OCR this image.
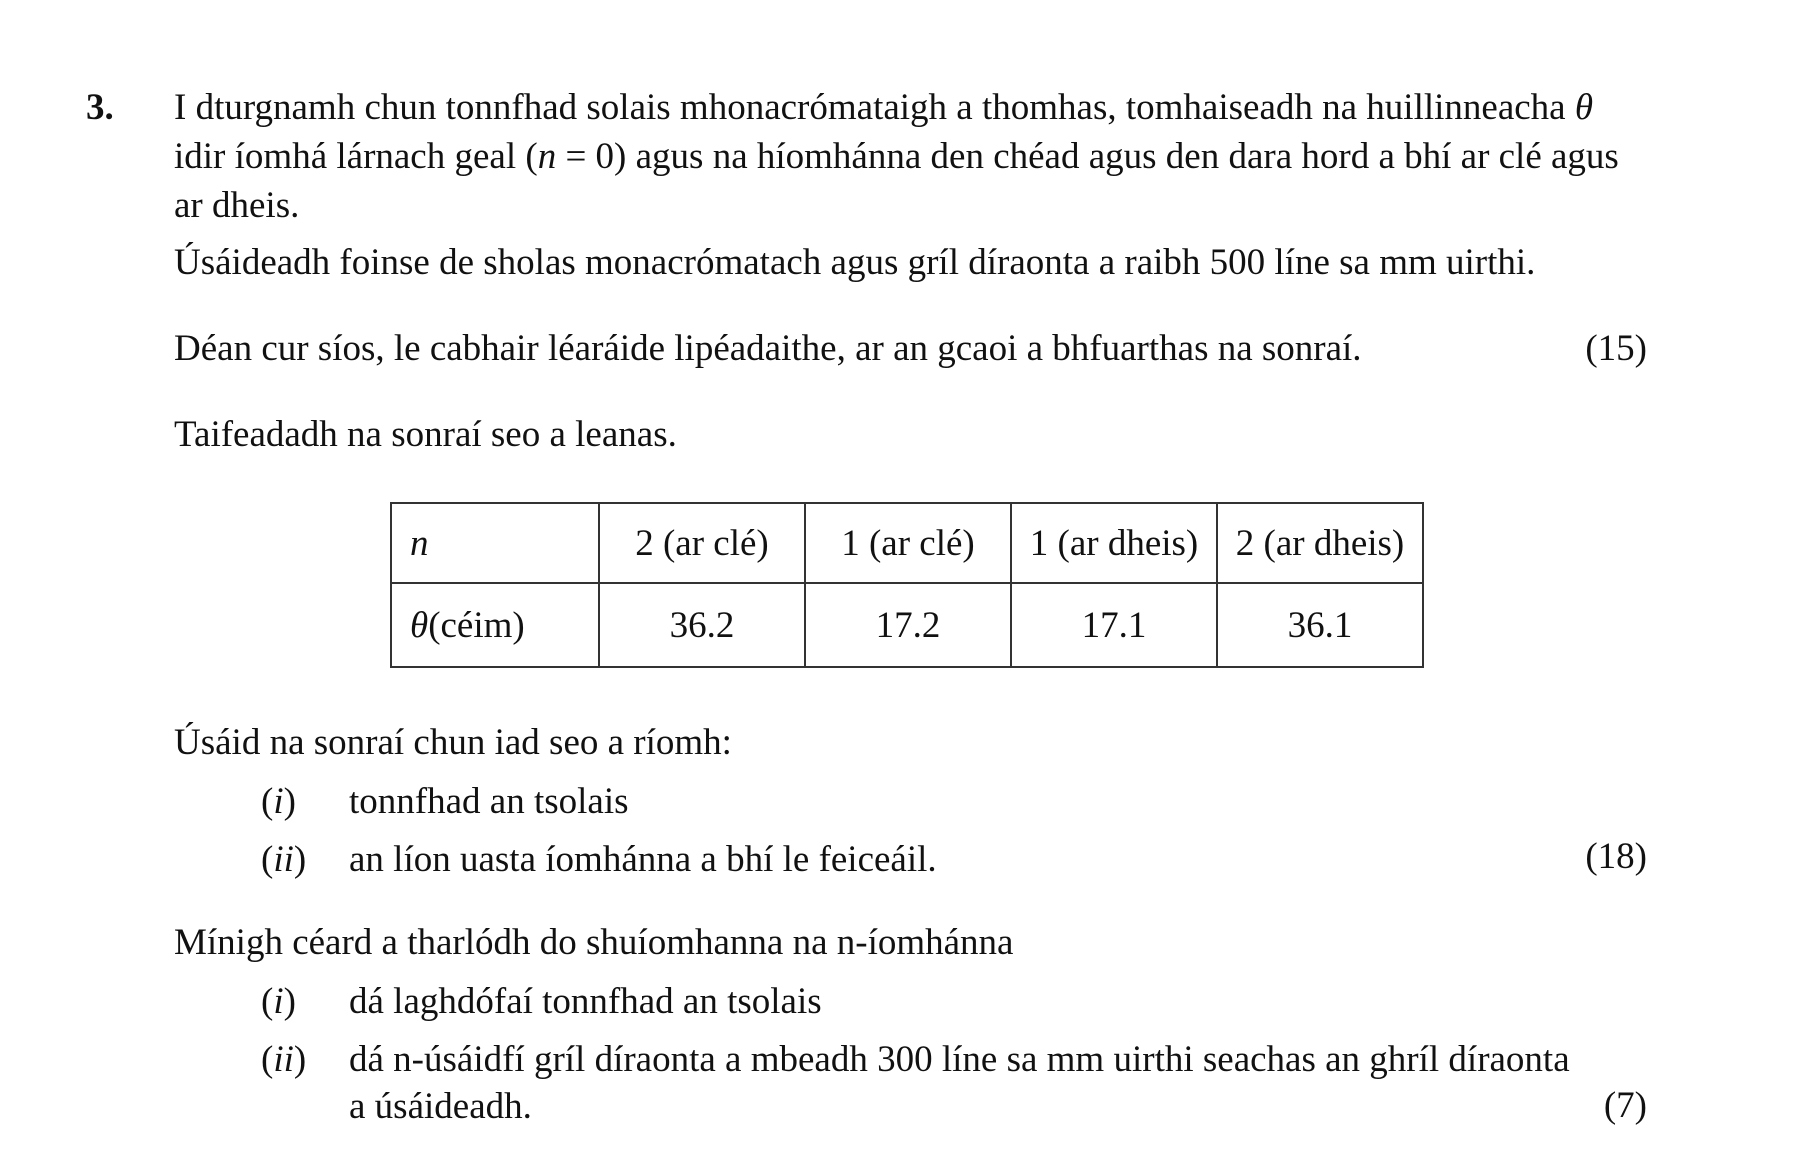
3. I dturgnamh chun tonnfhad solais mhonacrómataigh a thomhas, tomhaiseadh na huillinneacha θ
idir íomhá lárnach geal (n = 0) agus na híomhánna den chéad agus den dara hord a bhí ar clé agus
ar dheis.
Úsáideadh foinse de sholas monacrómatach agus gríl díraonta a raibh 500 líne sa mm uirthi.
Déan cur síos, le cabhair léaráide lipéadaithe, ar an gcaoi a bhfuarthas na sonraí.	(15)
Taifeadadh na sonraí seo a leanas.
n	2 (ar clé)	1 (ar clé)	1 (ar dheis)	2 (ar dheis)
θ(céim)	36.2	17.2	17.1	36.1
Úsáid na sonraí chun iad seo a ríomh:
(i) tonnfhad an tsolais
(ii) an líon uasta íomhánna a bhí le feiceáil.	(18)
Mínigh céard a tharlódh do shuíomhanna na n-íomhánna
(i) dá laghdófaí tonnfhad an tsolais
(ii) dá n-úsáidfí gríl díraonta a mbeadh 300 líne sa mm uirthi seachas an ghríl díraonta
a úsáideadh.	(7)
